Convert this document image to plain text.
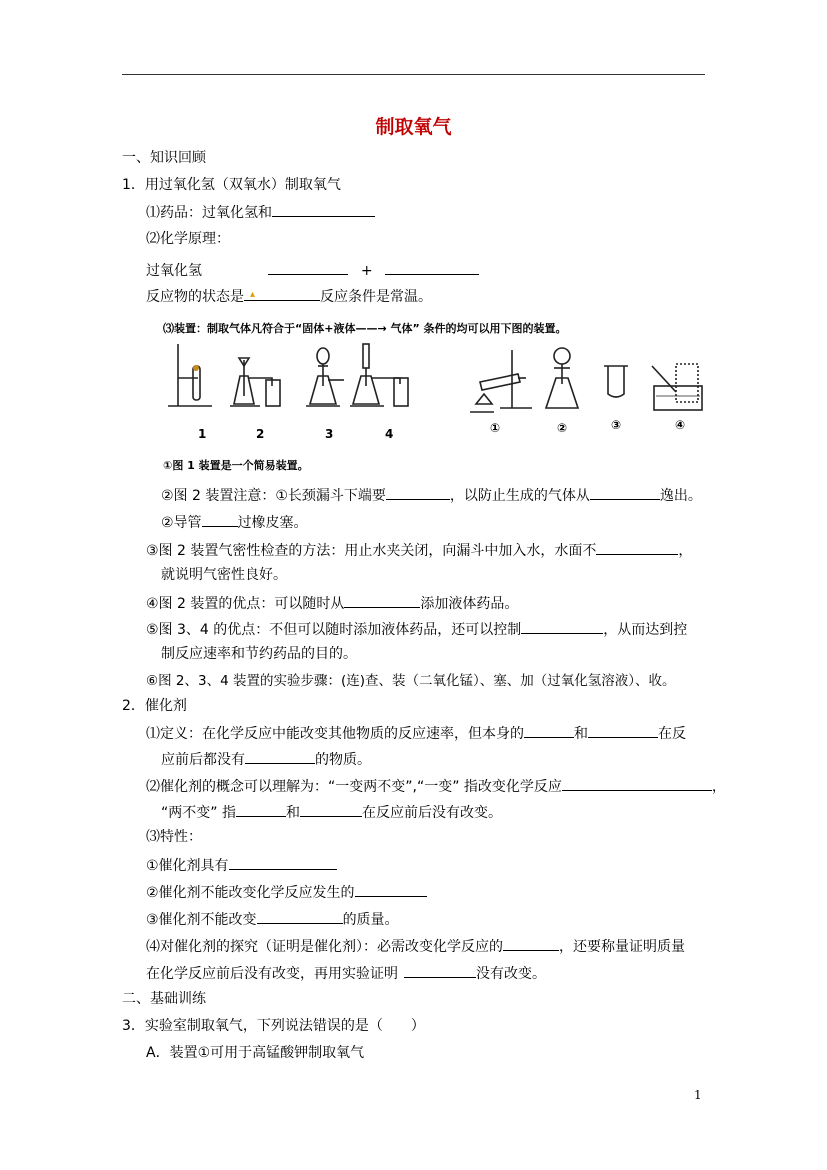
制取氧气
一、知识回顾
1．用过氧化氢（双氧水）制取氧气
⑴药品：过氧化氢和
⑵化学原理：
过氧化氢	+
反应物的状态是 ▴	反应条件是常温。
⑶装置：制取气体凡符合于“固体+液体——→ 气体” 条件的均可以用下图的装置。
1	2	3	4	①	②	③	④
①图 1 装置是一个简易装置。
②图 2 装置注意：①长颈漏斗下端要	，以防止生成的气体从	逸出。
②导管	过橡皮塞。
③图 2 装置气密性检查的方法：用止水夹关闭，向漏斗中加入水，水面不	，
就说明气密性良好。
④图 2 装置的优点：可以随时从	添加液体药品。
⑤图 3、4 的优点：不但可以随时添加液体药品，还可以控制	，从而达到控
制反应速率和节约药品的目的。
⑥图 2、3、4 装置的实验步骤：(连)查、装（二氧化锰）、塞、加（过氧化氢溶液）、收。
2．催化剂
⑴定义：在化学反应中能改变其他物质的反应速率，但本身的	和	在反
应前后都没有	的物质。
⑵催化剂的概念可以理解为：“一变两不变”,“一变” 指改变化学反应	，
“两不变” 指	和	在反应前后没有改变。
⑶特性：
①催化剂具有
②催化剂不能改变化学反应发生的
③催化剂不能改变	的质量。
⑷对催化剂的探究（证明是催化剂）：必需改变化学反应的	，还要称量证明质量
在化学反应前后没有改变，再用实验证明	没有改变。
二、基础训练
3．实验室制取氧气，下列说法错误的是（　　）
A．装置①可用于高锰酸钾制取氧气
1
